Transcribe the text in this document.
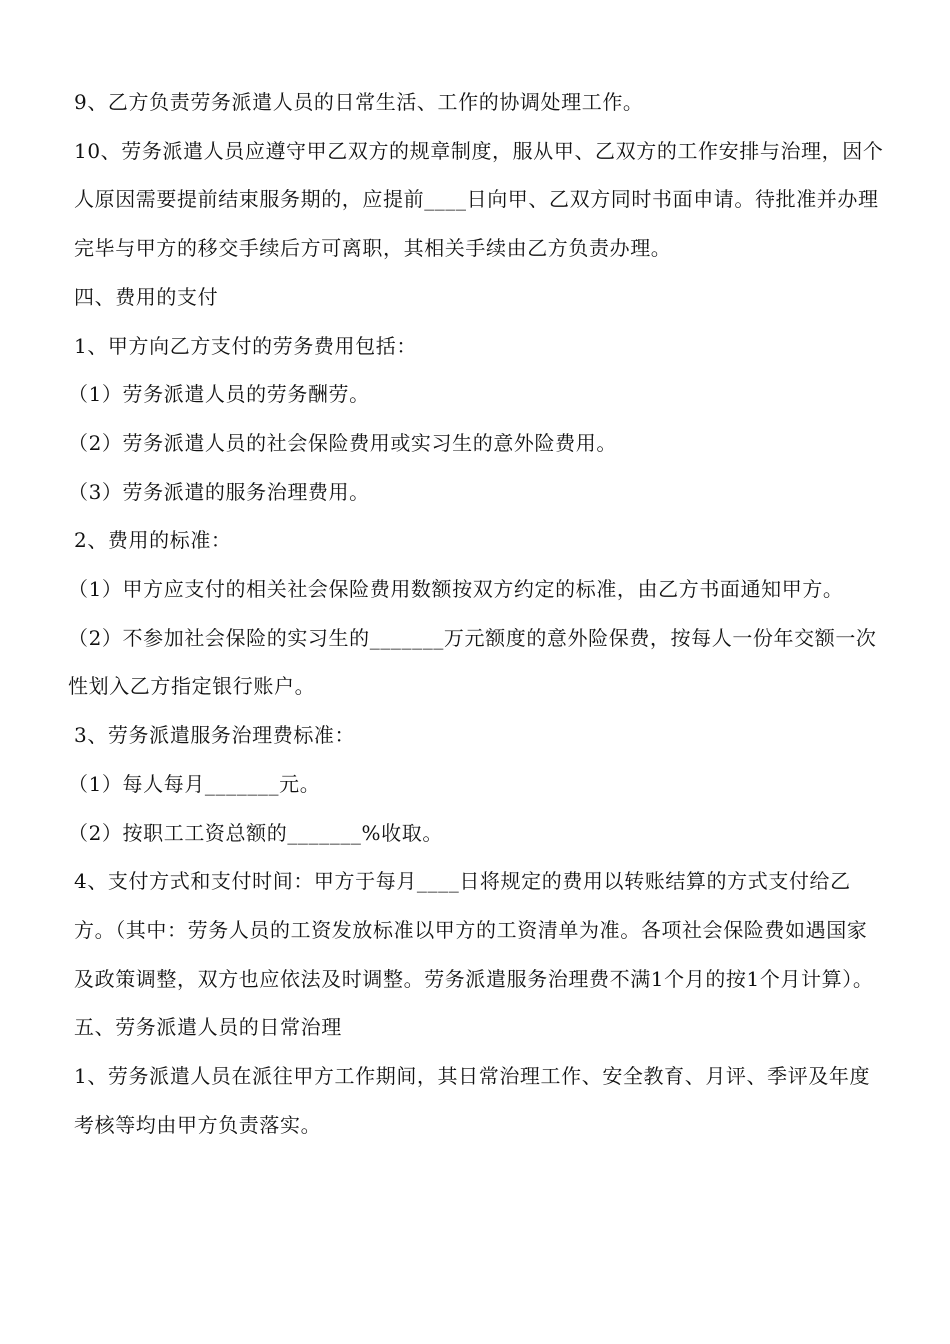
9、乙方负责劳务派遣人员的日常生活、工作的协调处理工作。

10、劳务派遣人员应遵守甲乙双方的规章制度，服从甲、乙双方的工作安排与治理，因个人原因需要提前结束服务期的，应提前____日向甲、乙双方同时书面申请。待批准并办理完毕与甲方的移交手续后方可离职，其相关手续由乙方负责办理。

四、费用的支付

1、甲方向乙方支付的劳务费用包括：

（1）劳务派遣人员的劳务酬劳。

（2）劳务派遣人员的社会保险费用或实习生的意外险费用。

（3）劳务派遣的服务治理费用。

2、费用的标准：

（1）甲方应支付的相关社会保险费用数额按双方约定的标准，由乙方书面通知甲方。

（2）不参加社会保险的实习生的_______万元额度的意外险保费，按每人一份年交额一次性划入乙方指定银行账户。

3、劳务派遣服务治理费标准：

（1）每人每月_______元。

（2）按职工工资总额的_______%收取。

4、支付方式和支付时间：甲方于每月____日将规定的费用以转账结算的方式支付给乙方。（其中：劳务人员的工资发放标准以甲方的工资清单为准。各项社会保险费如遇国家及政策调整，双方也应依法及时调整。劳务派遣服务治理费不满1个月的按1个月计算）。

五、劳务派遣人员的日常治理

1、劳务派遣人员在派往甲方工作期间，其日常治理工作、安全教育、月评、季评及年度考核等均由甲方负责落实。
